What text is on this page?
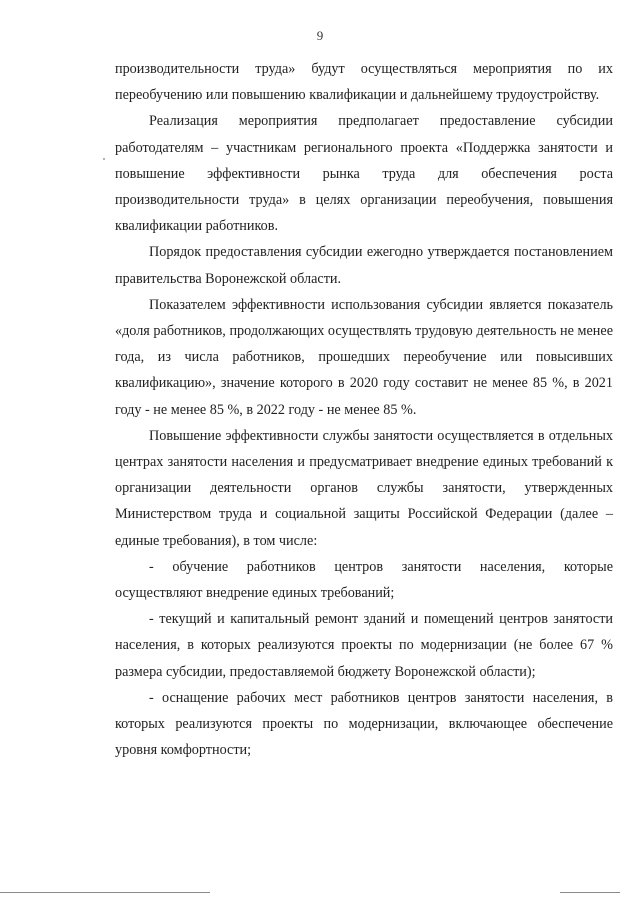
9

производительности труда» будут осуществляться мероприятия по их переобучению или повышению квалификации и дальнейшему трудоустройству.

Реализация мероприятия предполагает предоставление субсидии работодателям – участникам регионального проекта «Поддержка занятости и повышение эффективности рынка труда для обеспечения роста производительности труда» в целях организации переобучения, повышения квалификации работников.

Порядок предоставления субсидии ежегодно утверждается постановлением правительства Воронежской области.

Показателем эффективности использования субсидии является показатель «доля работников, продолжающих осуществлять трудовую деятельность не менее года, из числа работников, прошедших переобучение или повысивших квалификацию», значение которого в 2020 году составит не менее 85 %, в 2021 году - не менее 85 %, в 2022 году - не менее 85 %.

Повышение эффективности службы занятости осуществляется в отдельных центрах занятости населения и предусматривает внедрение единых требований к организации деятельности органов службы занятости, утвержденных Министерством труда и социальной защиты Российской Федерации (далее – единые требования), в том числе:

- обучение работников центров занятости населения, которые осуществляют внедрение единых требований;

- текущий и капитальный ремонт зданий и помещений центров занятости населения, в которых реализуются проекты по модернизации (не более 67 % размера субсидии, предоставляемой бюджету Воронежской области);

- оснащение рабочих мест работников центров занятости населения, в которых реализуются проекты по модернизации, включающее обеспечение уровня комфортности;
